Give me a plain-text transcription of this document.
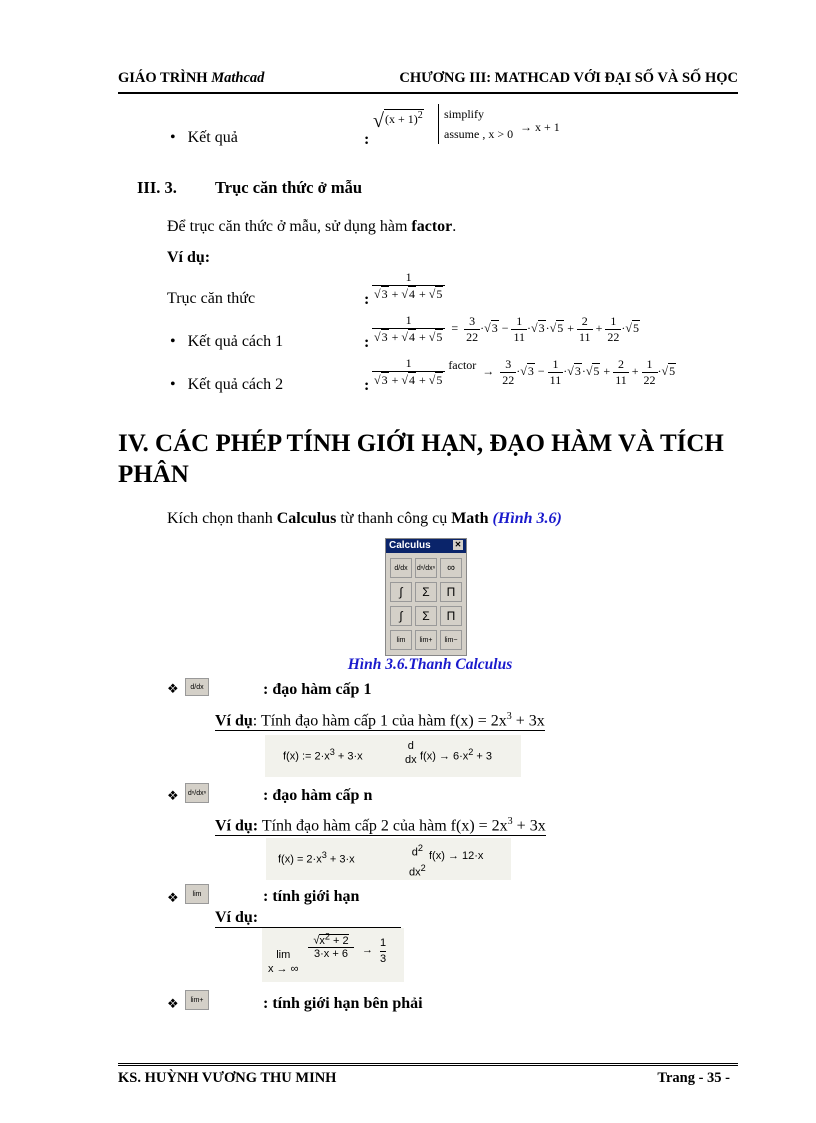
GIÁO TRÌNH Mathcad	CHƯƠNG III: MATHCAD VỚI ĐẠI SỐ VÀ SỐ HỌC
•   Kết quả	:
$√(x + 1)^2$ simplify
assume , x > 0 → x + 1
III. 3. Trục căn thức ở mẫu
Để trục căn thức ở mẫu, sử dụng hàm factor.
Ví dụ:
Trục căn thức	: $\frac{1}{√3 + √4 + √5}$
•   Kết quả cách 1	: $\frac{1}{√3 + √4 + √5} = \frac{3}{22} \cdot√3 - \frac{1}{11} \cdot√3\cdot√5 + \frac{2}{11} + \frac{1}{22} \cdot√5$
•   Kết quả cách 2	: $\frac{1}{√3 + √4 + √5}$ factor  → $\frac{3}{22} \cdot√3 - \frac{1}{11} \cdot√3\cdot√5 + \frac{2}{11} + \frac{1}{22} \cdot√5$
IV. CÁC PHÉP TÍNH GIỚI HẠN, ĐẠO HÀM VÀ TÍCH PHÂN
Kích chọn thanh Calculus từ thanh công cụ Math (Hình 3.6)
Calculus	✕
d/dx	dⁿ/dxⁿ	∞
∫	Σ	Π
∫	Σ	Π
lim	lim+	lim−
Hình 3.6.Thanh Calculus
❖	d/dx	: đạo hàm cấp 1
Ví dụ: Tính đạo hàm cấp 1 của hàm $f(x) = 2x^3 + 3x$
f(x) := $2\cdot x^3 + 3\cdot x$
d
dx $f(x) \to 6\cdot x^2 + 3$
❖	dⁿ/dxⁿ	: đạo hàm cấp n
Ví dụ: Tính đạo hàm cấp 2 của hàm $f(x) = 2x^3 + 3x$
$f(x) = 2\cdot x^3 + 3\cdot x$
$d^2$
$dx^2$
f(x) → 12·x
❖	lim	: tính giới hạn
Ví dụ:
lim
x → ∞
$√x^2 + 2$
3·x + 6	→
1
3
❖	lim+	: tính giới hạn bên phải
KS. HUỲNH VƯƠNG THU MINH	Trang - 35 -
